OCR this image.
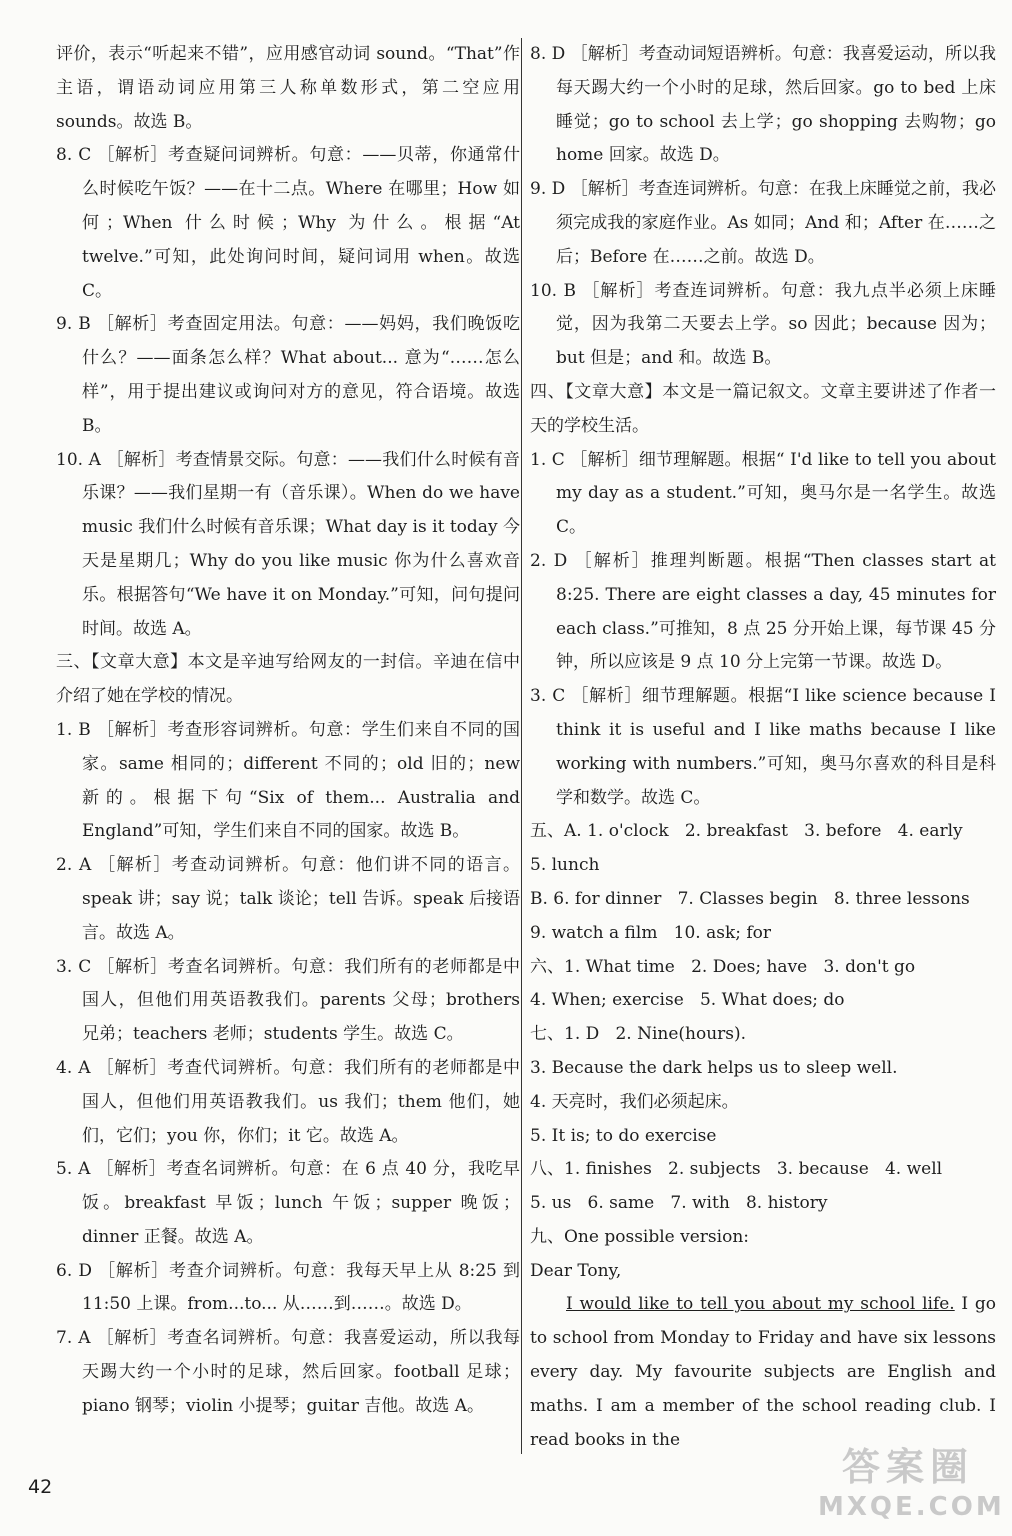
评价，表示“听起来不错”，应用感官动词 sound。“That”作主语，谓语动词应用第三人称单数形式，第二空应用 sounds。故选 B。

8. C ［解析］考查疑问词辨析。句意：——贝蒂，你通常什么时候吃午饭？——在十二点。Where 在哪里；How 如何；When 什么时候；Why 为什么。根据“At twelve.”可知，此处询问时间，疑问词用 when。故选 C。

9. B ［解析］考查固定用法。句意：——妈妈，我们晚饭吃什么？——面条怎么样？What about... 意为“……怎么样”，用于提出建议或询问对方的意见，符合语境。故选 B。

10. A ［解析］考查情景交际。句意：——我们什么时候有音乐课？——我们星期一有（音乐课）。When do we have music 我们什么时候有音乐课；What day is it today 今天是星期几；Why do you like music 你为什么喜欢音乐。根据答句“We have it on Monday.”可知，问句提问时间。故选 A。

三、【文章大意】本文是辛迪写给网友的一封信。辛迪在信中介绍了她在学校的情况。

1. B ［解析］考查形容词辨析。句意：学生们来自不同的国家。same 相同的；different 不同的；old 旧的；new 新的。根据下句“Six of them... Australia and England”可知，学生们来自不同的国家。故选 B。

2. A ［解析］考查动词辨析。句意：他们讲不同的语言。speak 讲；say 说；talk 谈论；tell 告诉。speak 后接语言。故选 A。

3. C ［解析］考查名词辨析。句意：我们所有的老师都是中国人，但他们用英语教我们。parents 父母；brothers 兄弟；teachers 老师；students 学生。故选 C。

4. A ［解析］考查代词辨析。句意：我们所有的老师都是中国人，但他们用英语教我们。us 我们；them 他们，她们，它们；you 你，你们；it 它。故选 A。

5. A ［解析］考查名词辨析。句意：在 6 点 40 分，我吃早饭。breakfast 早饭；lunch 午饭；supper 晚饭；dinner 正餐。故选 A。

6. D ［解析］考查介词辨析。句意：我每天早上从 8:25 到 11:50 上课。from...to... 从……到……。故选 D。

7. A ［解析］考查名词辨析。句意：我喜爱运动，所以我每天踢大约一个小时的足球，然后回家。football 足球；piano 钢琴；violin 小提琴；guitar 吉他。故选 A。

8. D ［解析］考查动词短语辨析。句意：我喜爱运动，所以我每天踢大约一个小时的足球，然后回家。go to bed 上床睡觉；go to school 去上学；go shopping 去购物；go home 回家。故选 D。

9. D ［解析］考查连词辨析。句意：在我上床睡觉之前，我必须完成我的家庭作业。As 如同；And 和；After 在……之后；Before 在……之前。故选 D。

10. B ［解析］考查连词辨析。句意：我九点半必须上床睡觉，因为我第二天要去上学。so 因此；because 因为；but 但是；and 和。故选 B。

四、【文章大意】本文是一篇记叙文。文章主要讲述了作者一天的学校生活。

1. C ［解析］细节理解题。根据“ I'd like to tell you about my day as a student.”可知，奥马尔是一名学生。故选 C。

2. D ［解析］推理判断题。根据“Then classes start at 8:25. There are eight classes a day, 45 minutes for each class.”可推知，8 点 25 分开始上课，每节课 45 分钟，所以应该是 9 点 10 分上完第一节课。故选 D。

3. C ［解析］细节理解题。根据“I like science because I think it is useful and I like maths because I like working with numbers.”可知，奥马尔喜欢的科目是科学和数学。故选 C。

五、A. 1. o'clock   2. breakfast   3. before   4. early

5. lunch

B. 6. for dinner   7. Classes begin   8. three lessons

9. watch a film   10. ask; for

六、1. What time   2. Does; have   3. don't go

4. When; exercise   5. What does; do

七、1. D   2. Nine(hours).

3. Because the dark helps us to sleep well.

4. 天亮时，我们必须起床。

5. It is; to do exercise

八、1. finishes   2. subjects   3. because   4. well

5. us   6. same   7. with   8. history

九、One possible version:

Dear Tony,

I would like to tell you about my school life. I go to school from Monday to Friday and have six lessons every day. My favourite subjects are English and maths. I am a member of the school reading club. I read books in the

42	答案圈
MXQE.COM
